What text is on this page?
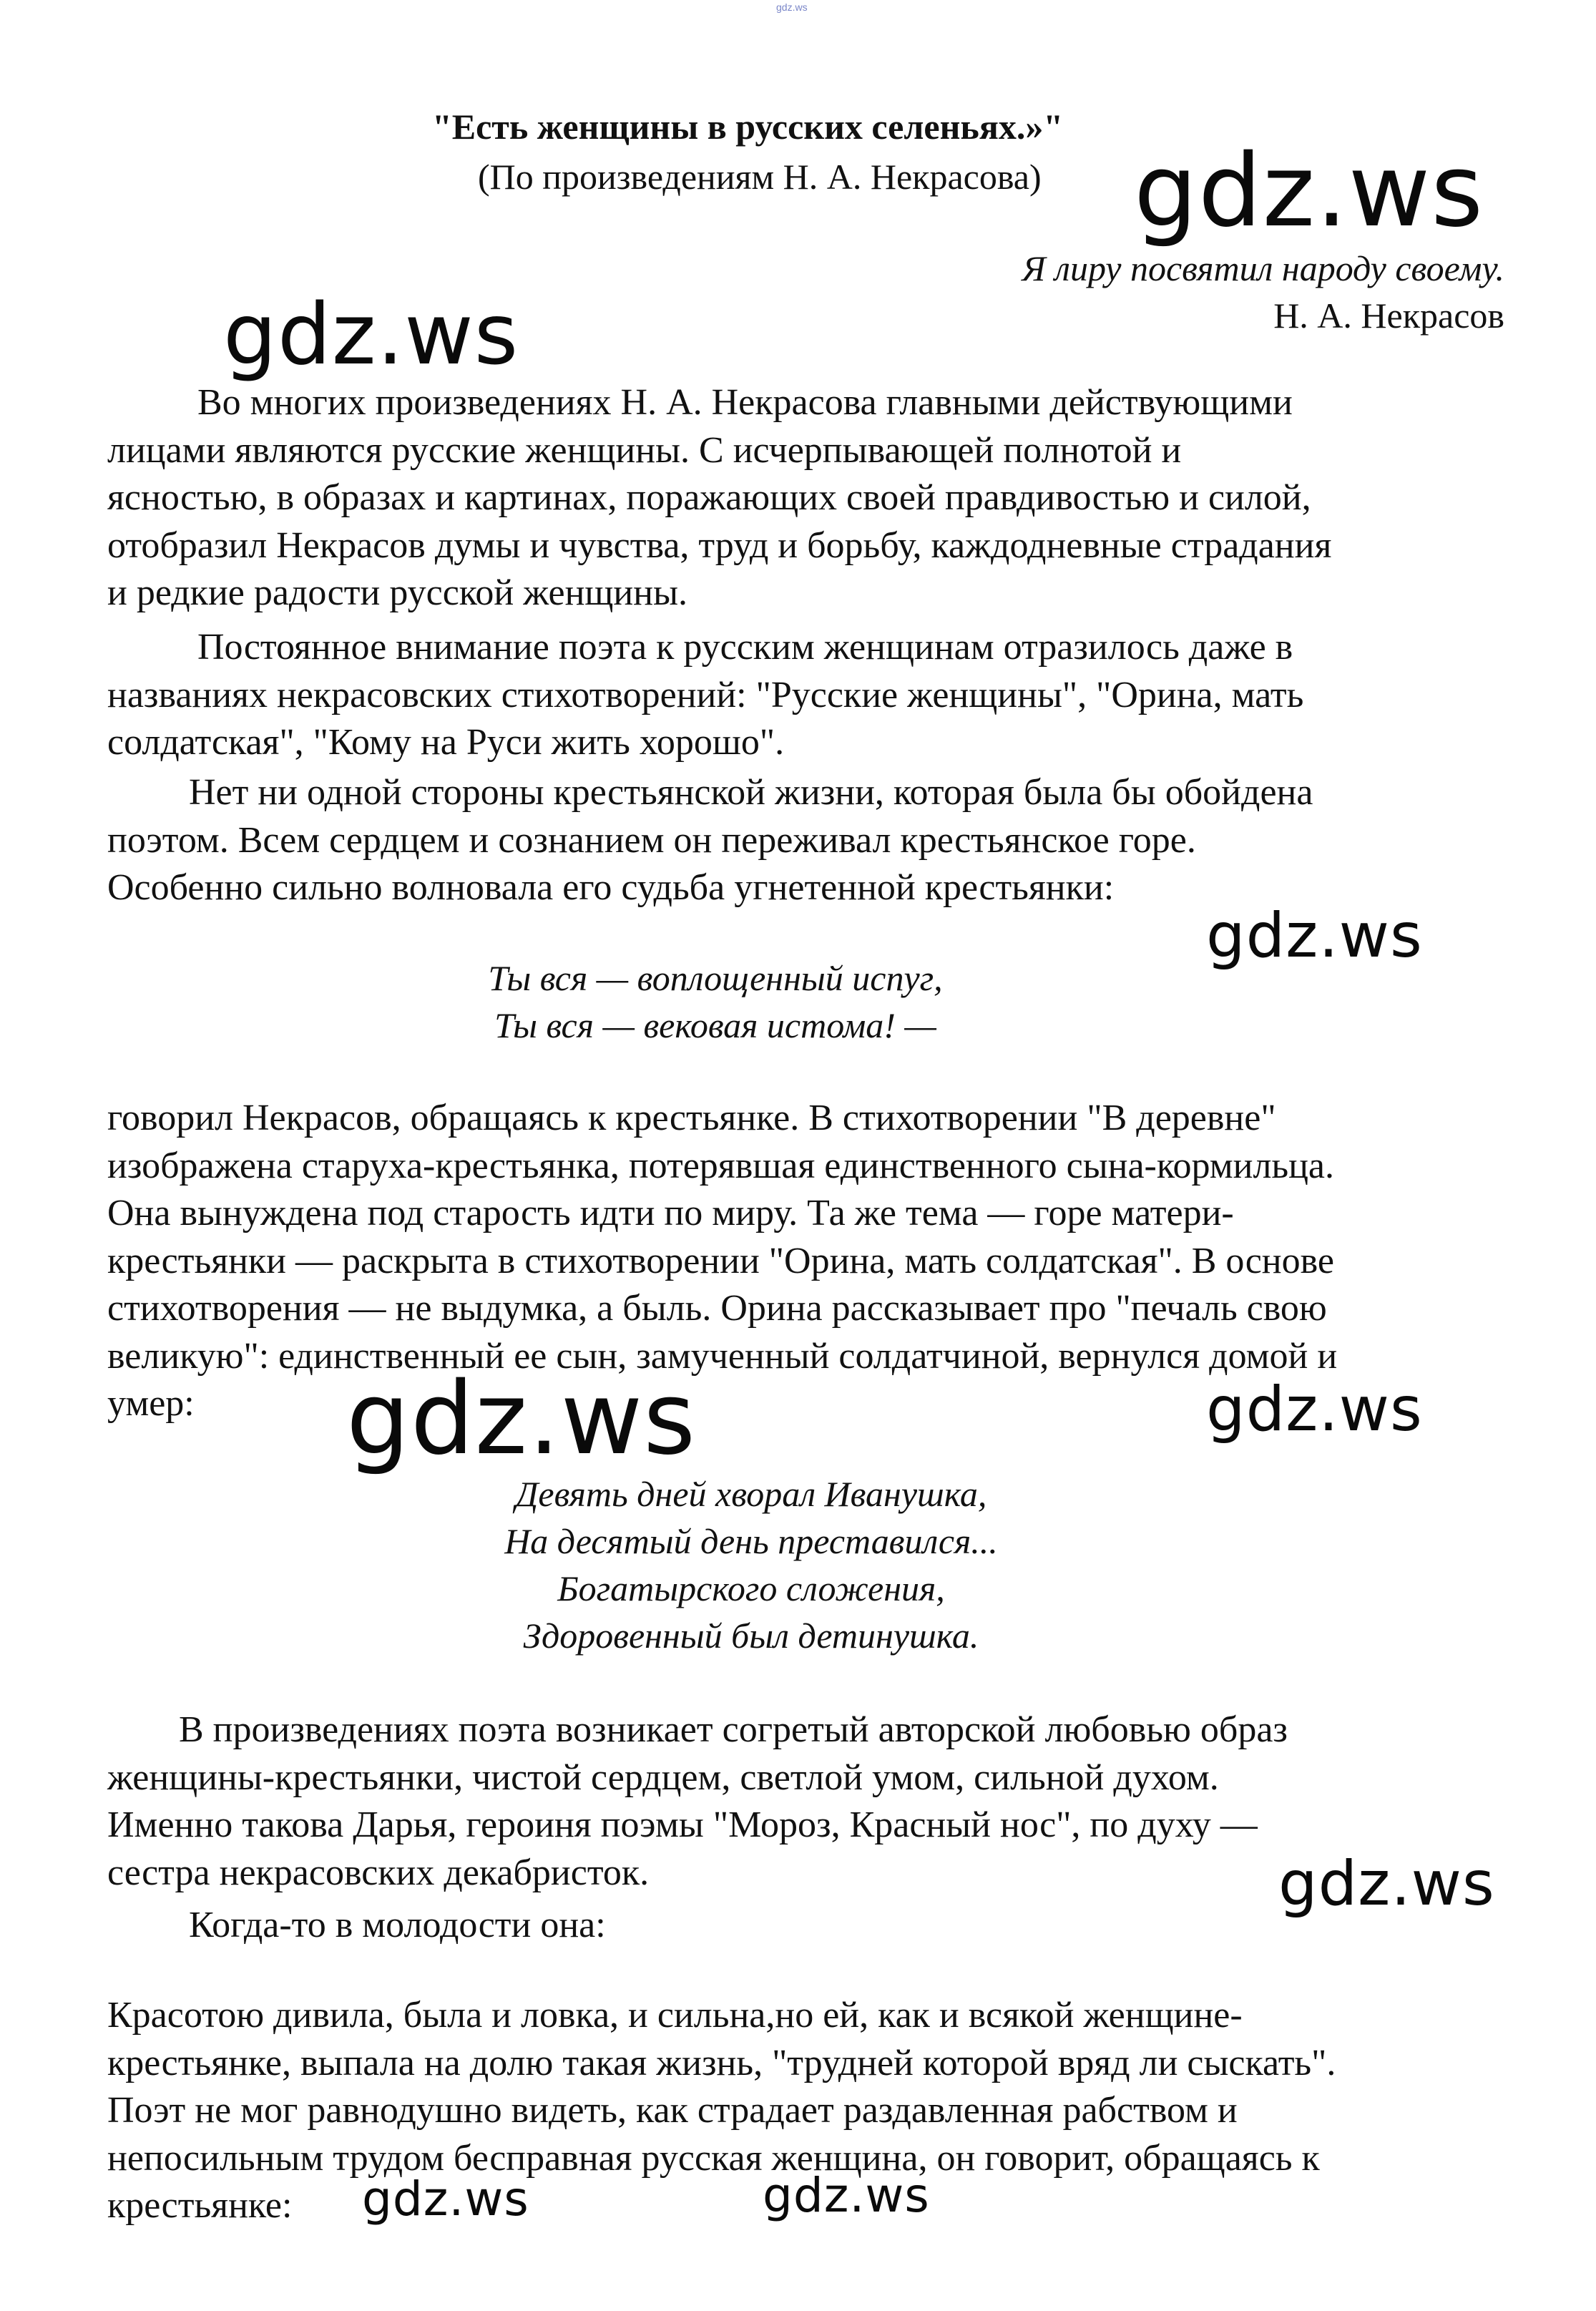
gdz.ws
"Есть женщины в русских селеньях.»"
(По произведениям Н. А. Некрасова)
Я лиру посвятил народу своему.
Н. А. Некрасов
Во многих произведениях Н. А. Некрасова главными действующими
лицами являются русские женщины. С исчерпывающей полнотой и
ясностью, в образах и картинах, поражающих своей правдивостью и силой,
отобразил Некрасов думы и чувства, труд и борьбу, каждодневные страдания
и редкие радости русской женщины.
Постоянное внимание поэта к русским женщинам отразилось даже в
названиях некрасовских стихотворений: "Русские женщины", "Орина, мать
солдатская", "Кому на Руси жить хорошо".
Нет ни одной стороны крестьянской жизни, которая была бы обойдена
поэтом. Всем сердцем и сознанием он переживал крестьянское горе.
Особенно сильно волновала его судьба угнетенной крестьянки:
Ты вся — воплощенный испуг,
Ты вся — вековая истома! —
говорил Некрасов, обращаясь к крестьянке. В стихотворении "В деревне"
изображена старуха-крестьянка, потерявшая единственного сына-кормильца.
Она вынуждена под старость идти по миру. Та же тема — горе матери-
крестьянки — раскрыта в стихотворении "Орина, мать солдатская". В основе
стихотворения — не выдумка, а быль. Орина рассказывает про "печаль свою
великую": единственный ее сын, замученный солдатчиной, вернулся домой и
умер:
Девять дней хворал Иванушка,
На десятый день преставился...
Богатырского сложения,
Здоровенный был детинушка.
В произведениях поэта возникает согретый авторской любовью образ
женщины-крестьянки, чистой сердцем, светлой умом, сильной духом.
Именно такова Дарья, героиня поэмы "Мороз, Красный нос", по духу —
сестра некрасовских декабристок.
Когда-то в молодости она:
Красотою дивила, была и ловка, и сильна,но ей, как и всякой женщине-
крестьянке, выпала на долю такая жизнь, "трудней которой вряд ли сыскать".
Поэт не мог равнодушно видеть, как страдает раздавленная рабством и
непосильным трудом бесправная русская женщина, он говорит, обращаясь к
крестьянке:
gdz.ws
gdz.ws
gdz.ws
gdz.ws	gdz.ws
gdz.ws
gdz.ws	gdz.ws
